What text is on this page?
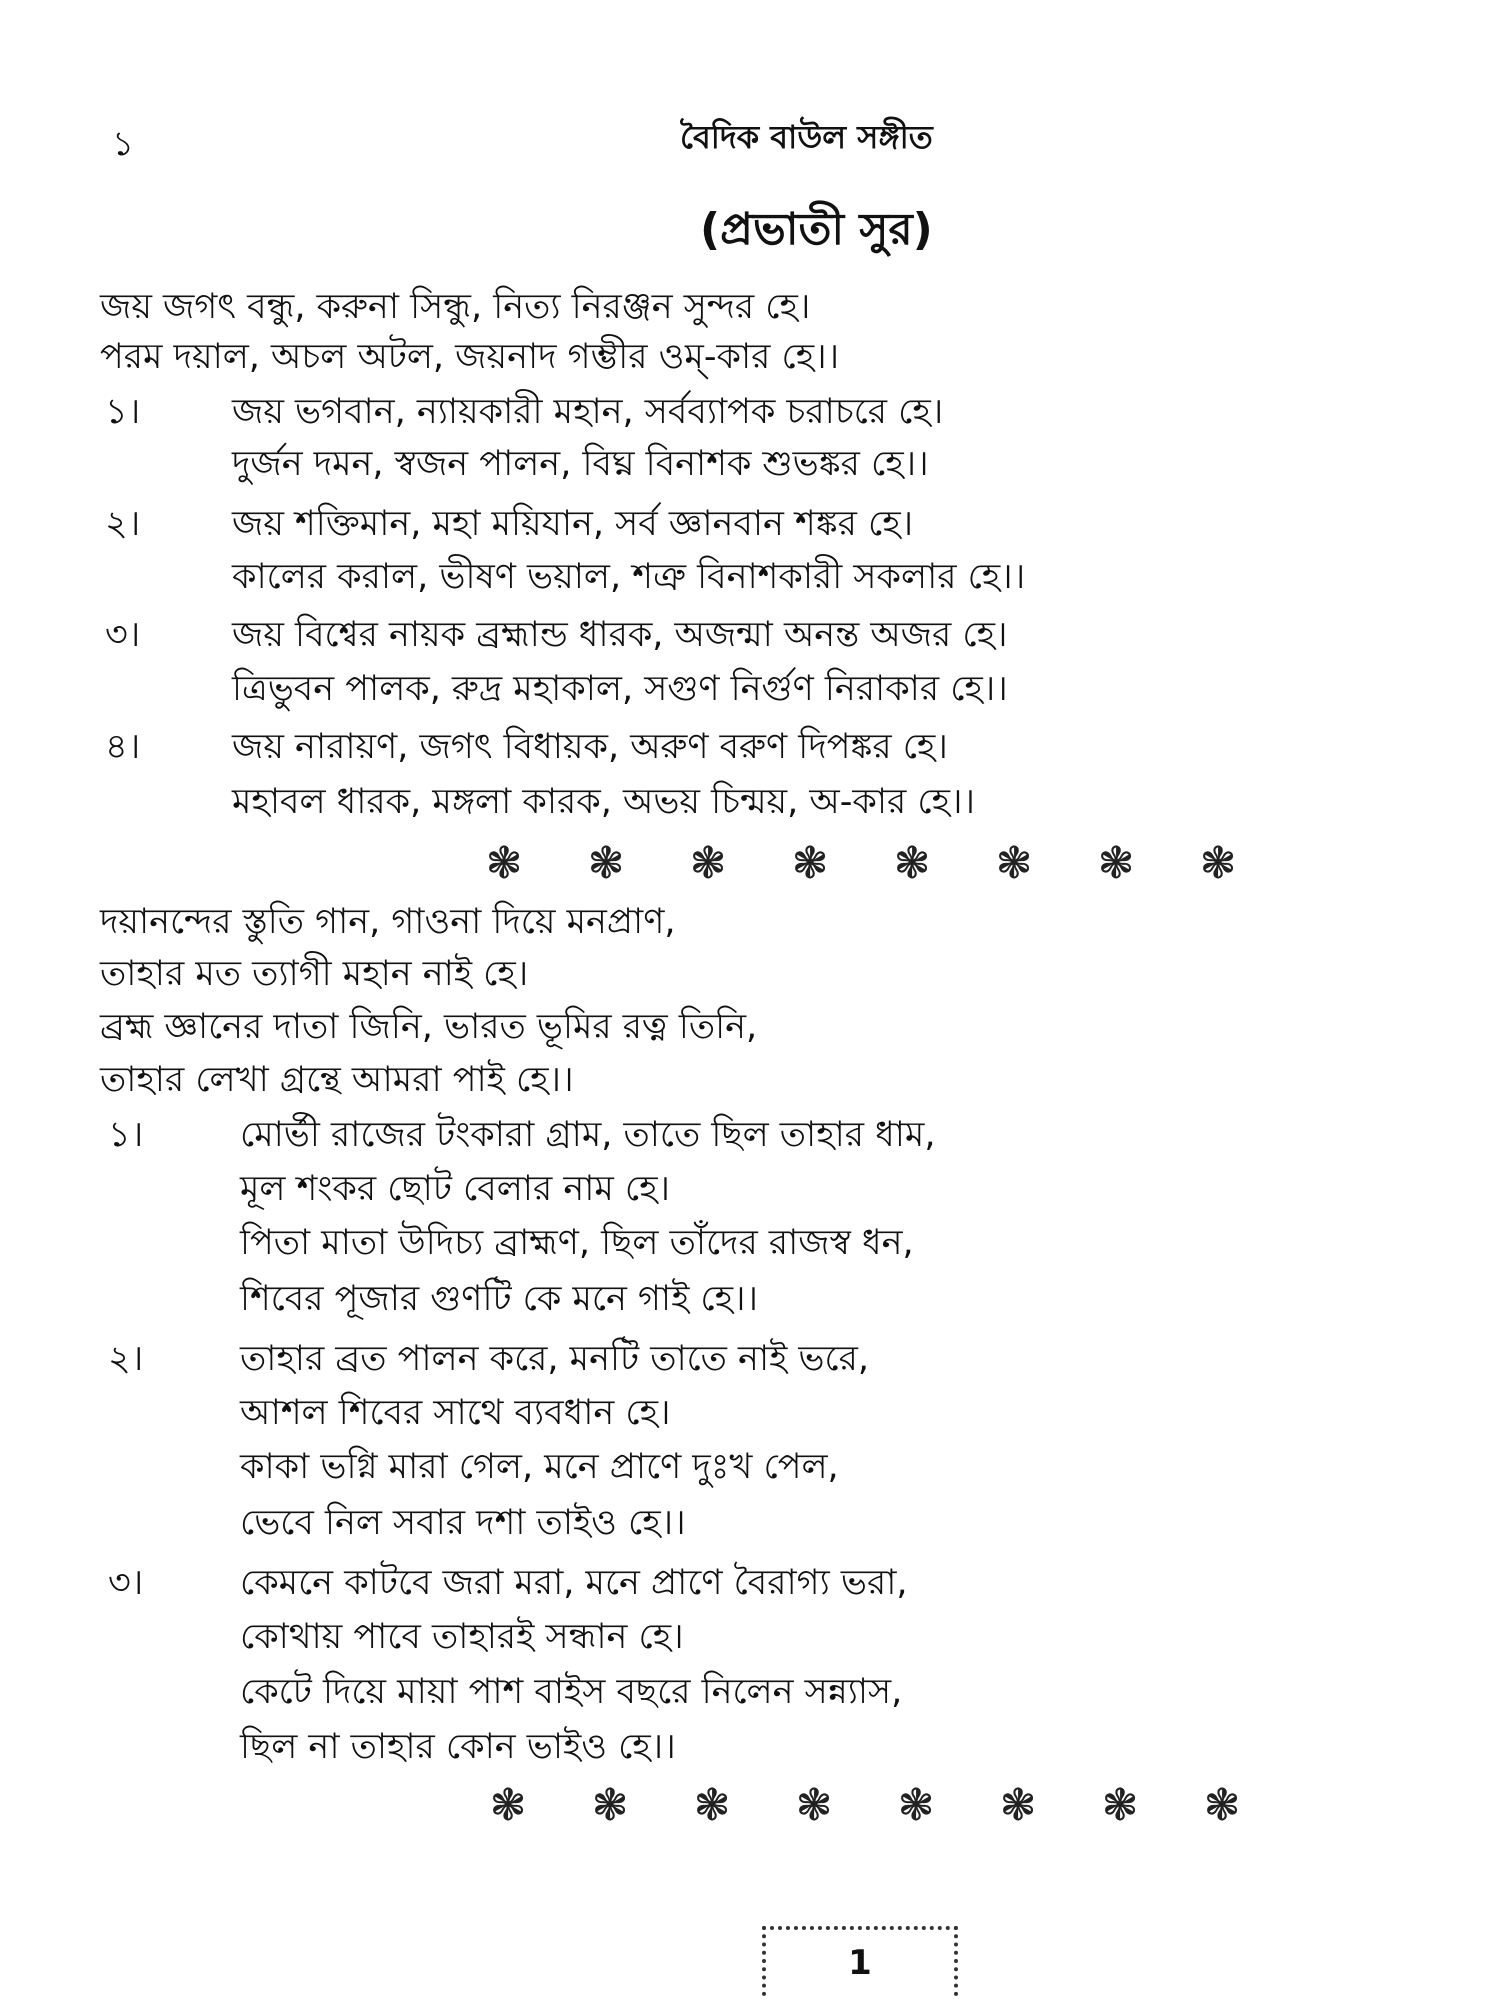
১	বৈদিক বাউল সঙ্গীত
(প্রভাতী সুর)
জয় জগৎ বন্ধু, করুনা সিন্ধু, নিত্য নিরঞ্জন সুন্দর হে।
পরম দয়াল, অচল অটল, জয়নাদ গম্ভীর ওম্-কার হে।।
১।	জয় ভগবান, ন্যায়কারী মহান, সর্বব্যাপক চরাচরে হে।
দুর্জন দমন, স্বজন পালন, বিঘ্ন বিনাশক শুভঙ্কর হে।।
২।	জয় শক্তিমান, মহা ময়িযান, সর্ব জ্ঞানবান শঙ্কর হে।
কালের করাল, ভীষণ ভয়াল, শত্রু বিনাশকারী সকলার হে।।
৩।	জয় বিশ্বের নায়ক ব্রহ্মান্ড ধারক, অজন্মা অনন্ত অজর হে।
ত্রিভুবন পালক, রুদ্র মহাকাল, সগুণ নির্গুণ নিরাকার হে।।
৪।	জয় নারায়ণ, জগৎ বিধায়ক, অরুণ বরুণ দিপঙ্কর হে।
মহাবল ধারক, মঙ্গলা কারক, অভয় চিন্ময়, অ-কার হে।।
❃ ❃ ❃ ❃ ❃ ❃ ❃ ❃
দয়ানন্দের স্তুতি গান, গাওনা দিয়ে মনপ্রাণ,
তাহার মত ত্যাগী মহান নাই হে।
ব্রহ্ম জ্ঞানের দাতা জিনি, ভারত ভূমির রত্ন তিনি,
তাহার লেখা গ্রন্থে আমরা পাই হে।।
১।	মোর্ভী রাজের টংকারা গ্রাম, তাতে ছিল তাহার ধাম,
মূল শংকর ছোট বেলার নাম হে।
পিতা মাতা উদিচ্য ব্রাহ্মণ, ছিল তাঁদের রাজস্ব ধন,
শিবের পূজার গুণটি কে মনে গাই হে।।
২।	তাহার ব্রত পালন করে, মনটি তাতে নাই ভরে,
আশল শিবের সাথে ব্যবধান হে।
কাকা ভগ্নি মারা গেল, মনে প্রাণে দুঃখ পেল,
ভেবে নিল সবার দশা তাইও হে।।
৩।	কেমনে কাটবে জরা মরা, মনে প্রাণে বৈরাগ্য ভরা,
কোথায় পাবে তাহারই সন্ধান হে।
কেটে দিয়ে মায়া পাশ বাইস বছরে নিলেন সন্ন্যাস,
ছিল না তাহার কোন ভাইও হে।।
❃ ❃ ❃ ❃ ❃ ❃ ❃ ❃
1
